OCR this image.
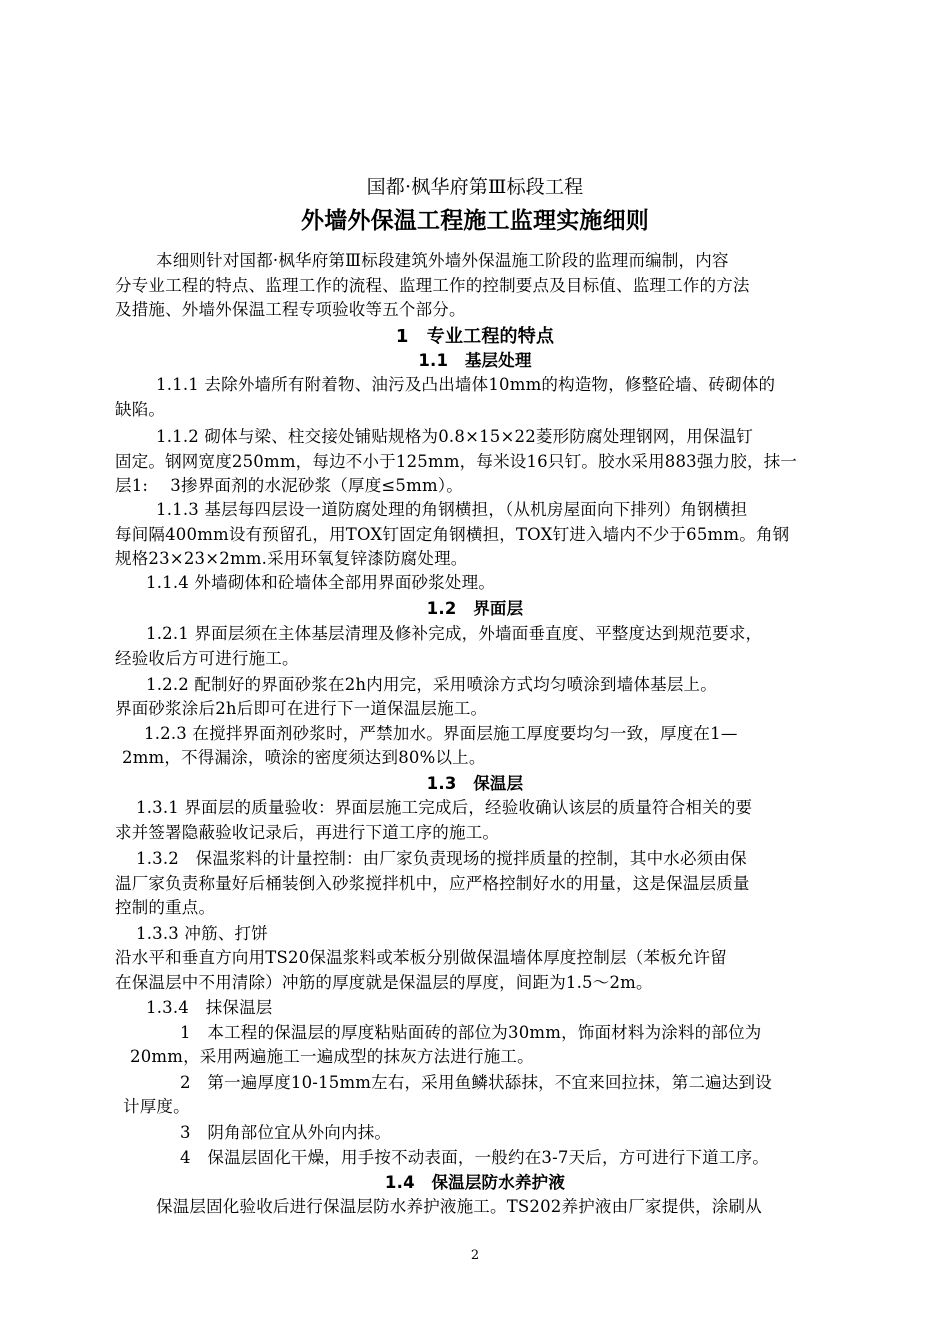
国都·枫华府第Ⅲ标段工程
外墙外保温工程施工监理实施细则
本细则针对国都·枫华府第Ⅲ标段建筑外墙外保温施工阶段的监理而编制，内容
分专业工程的特点、监理工作的流程、监理工作的控制要点及目标值、监理工作的方法
及措施、外墙外保温工程专项验收等五个部分。
1　专业工程的特点
1.1　基层处理
1.1.1 去除外墙所有附着物、油污及凸出墙体10mm的构造物，修整砼墙、砖砌体的
缺陷。
1.1.2 砌体与梁、柱交接处铺贴规格为0.8×15×22菱形防腐处理钢网，用保温钉
固定。钢网宽度250mm，每边不小于125mm，每米设16只钉。胶水采用883强力胶，抹一
层1:　 3掺界面剂的水泥砂浆（厚度≤5mm）。
1.1.3 基层每四层设一道防腐处理的角钢横担，（从机房屋面向下排列）角钢横担
每间隔400mm设有预留孔，用TOX钉固定角钢横担，TOX钉进入墙内不少于65mm。角钢
规格23×23×2mm.采用环氧复锌漆防腐处理。
1.1.4 外墙砌体和砼墙体全部用界面砂浆处理。
1.2　界面层
1.2.1 界面层须在主体基层清理及修补完成，外墙面垂直度、平整度达到规范要求，
经验收后方可进行施工。
1.2.2 配制好的界面砂浆在2h内用完，采用喷涂方式均匀喷涂到墙体基层上。
界面砂浆涂后2h后即可在进行下一道保温层施工。
1.2.3 在搅拌界面剂砂浆时，严禁加水。界面层施工厚度要均匀一致，厚度在1—
2mm，不得漏涂，喷涂的密度须达到80%以上。
1.3　保温层
1.3.1 界面层的质量验收：界面层施工完成后，经验收确认该层的质量符合相关的要
求并签署隐蔽验收记录后，再进行下道工序的施工。
1.3.2　保温浆料的计量控制：由厂家负责现场的搅拌质量的控制，其中水必须由保
温厂家负责称量好后桶装倒入砂浆搅拌机中，应严格控制好水的用量，这是保温层质量
控制的重点。
1.3.3 冲筋、打饼
沿水平和垂直方向用TS20保温浆料或苯板分别做保温墙体厚度控制层（苯板允许留
在保温层中不用清除）冲筋的厚度就是保温层的厚度，间距为1.5～2m。
1.3.4　抹保温层
1　本工程的保温层的厚度粘贴面砖的部位为30mm，饰面材料为涂料的部位为
20mm，采用两遍施工一遍成型的抹灰方法进行施工。
2　第一遍厚度10-15mm左右，采用鱼鳞状舔抹，不宜来回拉抹，第二遍达到设
计厚度。
3　阴角部位宜从外向内抹。
4　保温层固化干燥，用手按不动表面，一般约在3-7天后，方可进行下道工序。
1.4　保温层防水养护液
保温层固化验收后进行保温层防水养护液施工。TS202养护液由厂家提供，涂刷从
2
